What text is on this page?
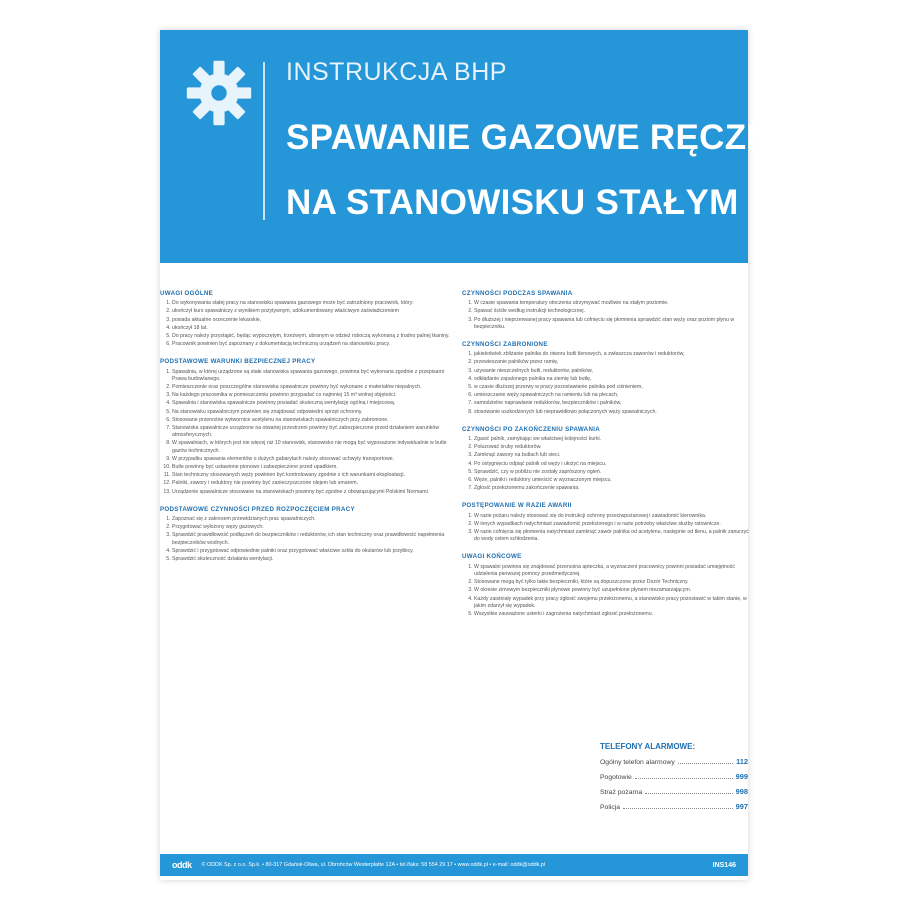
INSTRUKCJA BHP
SPAWANIE GAZOWE RĘCZNE
NA STANOWISKU STAŁYM
UWAGI OGÓLNE
1. Do wykonywania stałej pracy na stanowisku spawania gazowego może być zatrudniony pracownik, który:
2. ukończył kurs spawalniczy z wynikiem pozytywnym, udokumentowany właściwym zaświadczeniem
3. posiada aktualne orzeczenie lekarskie,
4. ukończył 18 lat.
5. Do pracy należy przystąpić, będąc wypoczętym, trzeźwym, ubranym w odzież roboczą wykonaną z trudno palnej tkaniny.
6. Pracownik powinien być zapoznany z dokumentacją techniczną urządzeń na stanowisku pracy.
PODSTAWOWE WARUNKI BEZPIECZNEJ PRACY
1. Spawalnia, w której urządzone są stałe stanowiska spawania gazowego, powinna być wykonana zgodnie z przepisami Prawa budowlanego.
2. Pomieszczenie oraz poszczególne stanowiska spawalnicze powinny być wykonane z materiałów niepalnych.
3. Na każdego pracownika w pomieszczeniu powinno przypadać co najmniej 15 m³ wolnej objętości.
4. Spawalnia i stanowiska spawalnicze powinny posiadać skuteczną wentylację ogólną i miejscową.
5. Na stanowisku spawalniczym powinien się znajdować odpowiedni sprzęt ochronny.
6. Stosowane przenośne wytwornice acetylenu na stanowiskach spawalniczych przy zabronione.
7. Stanowiska spawalnicze urządzone na otwartej przestrzeni powinny być zabezpieczone przed działaniem warunków atmosferycznych.
8. W spawalniach, w których jest nie więcej niż 10 stanowisk, stanowisko nie mogą być wyposażone indywidualnie w butle gazów technicznych.
9. W przypadku spawania elementów o dużych gabarytach należy stosować uchwyty transportowe.
10. Butle powinny być ustawione pionowo i zabezpieczone przed upadkiem.
11. Stan techniczny stosowanych węży powinien być kontrolowany zgodnie z ich warunkami eksploatacji.
12. Palniki, zawory i reduktory nie powinny być zanieczyszczone olejem lub smarem.
13. Urządzenie spawalnicze stosowane na stanowiskach powinny być zgodne z obowiązującymi Polskimi Normami.
PODSTAWOWE CZYNNOŚCI PRZED ROZPOCZĘCIEM PRACY
1. Zapoznać się z zakresem przewidzianych prac spawalniczych.
2. Przygotować wyłożony węży gazowych.
3. Sprawdzić prawidłowość podłączeń do bezpieczników i reduktorów, ich stan techniczny oraz prawidłowość napełnienia bezpieczników wodnych.
4. Sprawdzić i przygotować odpowiednie palniki oraz przygotować właściwe szkła do okularów lub przyłbicy.
5. Sprawdzić skuteczność działania wentylacji.
CZYNNOŚCI PODCZAS SPAWANIA
1. W czasie spawania temperatury otoczenia utrzymywać możliwie na stałym poziomie.
2. Spawać ściśle według instrukcji technologicznej.
3. Po dłuższej i nieprzerwanej pracy spawania lub cofnięciu się płomienia sprawdzić stan węży oraz poziom płynu w bezpieczniku.
CZYNNOŚCI ZABRONIONE
1. jakiekolwiek zbliżanie palnika do otworu butli tlenowych, a zwłaszcza zaworów i reduktorów,
2. przewieszanie palników przez ramię,
3. używanie nieszczelnych butli, reduktorów, palników,
4. odkładanie zapalonego palnika na ziemię lub butlę,
5. w czasie dłuższej przerwy w pracy pozostawianie palnika pod ciśnieniem,
6. umieszczanie węży spawalniczych na ramieniu lub na plecach,
7. samodzielne naprawianie reduktorów, bezpieczników i palników,
8. stosowanie uszkodzonych lub nieprawidłowo połączonych węży spawalniczych.
CZYNNOŚCI PO ZAKOŃCZENIU SPAWANIA
1. Zgasić palnik, zamykając we właściwej kolejności kurki.
2. Poluzować śruby reduktorów.
3. Zamknąć zawory na butlach lub sieci.
4. Po ostygnięciu odpiąć palnik od węży i ułożyć na miejscu.
5. Sprawdzić, czy w pobliżu nie zostały zaprószony ogień.
6. Węże, palniki i reduktory umieścić w wyznaczonym miejscu.
7. Zgłosić przełożonemu zakończenie spawania.
POSTĘPOWANIE W RAZIE AWARII
1. W razie pożaru należy stosować się do instrukcji ochrony przeciwpożarowej i zawiadomić kierownika.
2. W innych wypadkach natychmiast zawiadomić przełożonego i w razie potrzeby właściwe służby ratownicze.
3. W razie cofnięcia się płomienia natychmiast zamknąć zawór palnika od acetylenu, następnie od tlenu, a palnik zanurzyć do wody celem schłodzenia.
UWAGI KOŃCOWE
1. W spawalni powinna się znajdować przenośna apteczka, a wyznaczeni pracownicy powinni posiadać umiejętność udzielenia pierwszej pomocy przedmedycznej.
2. Stosowane mogą być tylko takie bezpieczniki, które są dopuszczone przez Dozór Techniczny.
3. W okresie zimowym bezpieczniki płynowe powinny być uzupełnione płynem niezamarzającym.
4. Każdy zaistniały wypadek przy pracy zgłosić swojemu przełożonemu, a stanowisko pracy pozostawić w takim stanie, w jakim zdarzył się wypadek.
5. Wszystkie zauważone usterki i zagrożenia natychmiast zgłosić przełożonemu.
TELEFONY ALARMOWE:
Ogólny telefon alarmowy	112
Pogotowie	999
Straż pożarna	998
Policja	997
oddk © ODDK Sp. z o.o. Sp.k. • 80-317 Gdańsk-Oliwa, ul. Obrońców Westerplatte 12A • tel./faks: 58 554 29 17 • www.oddk.pl • e-mail: oddk@oddk.pl	INS146
